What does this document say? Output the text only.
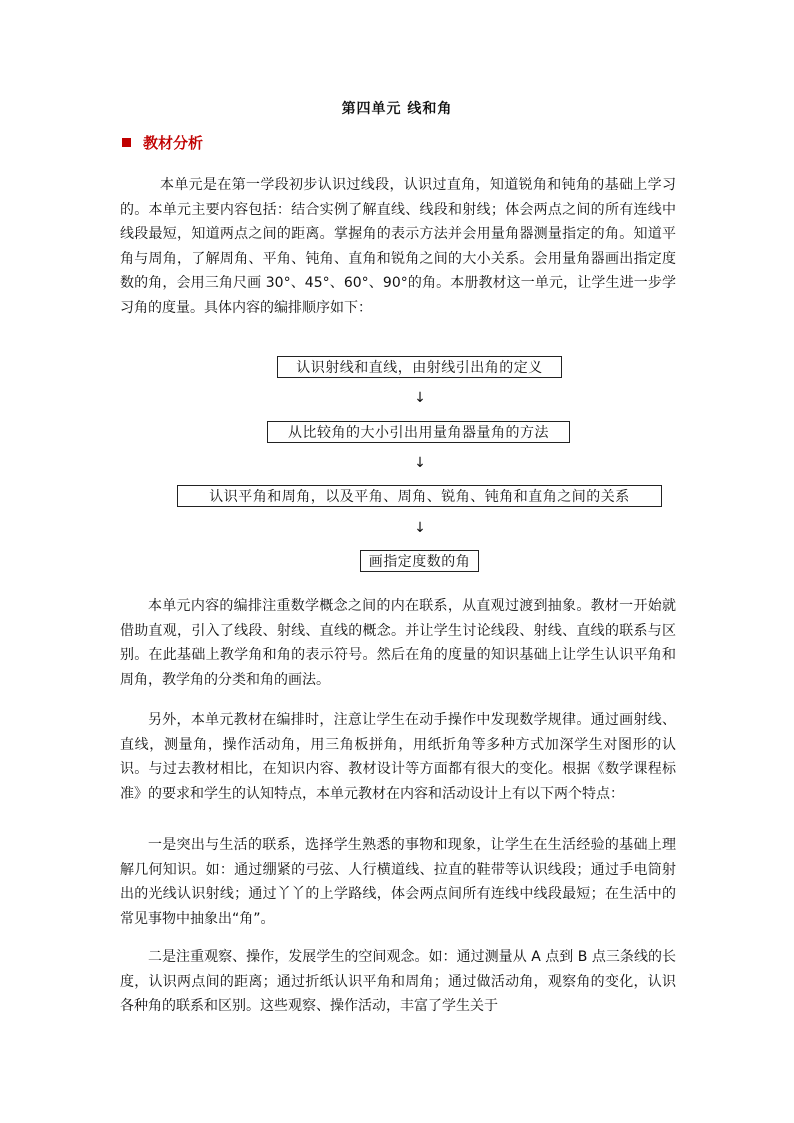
第四单元 线和角
教材分析

本单元是在第一学段初步认识过线段，认识过直角，知道锐角和钝角的基础上学习的。本单元主要内容包括：结合实例了解直线、线段和射线；体会两点之间的所有连线中线段最短，知道两点之间的距离。掌握角的表示方法并会用量角器测量指定的角。知道平角与周角，了解周角、平角、钝角、直角和锐角之间的大小关系。会用量角器画出指定度数的角，会用三角尺画 30°、45°、60°、90°的角。本册教材这一单元，让学生进一步学习角的度量。具体内容的编排顺序如下：

认识射线和直线，由射线引出角的定义
↓
从比较角的大小引出用量角器量角的方法
↓
认识平角和周角，以及平角、周角、锐角、钝角和直角之间的关系
↓
画指定度数的角

本单元内容的编排注重数学概念之间的内在联系，从直观过渡到抽象。教材一开始就借助直观，引入了线段、射线、直线的概念。并让学生讨论线段、射线、直线的联系与区别。在此基础上教学角和角的表示符号。然后在角的度量的知识基础上让学生认识平角和周角，教学角的分类和角的画法。

另外，本单元教材在编排时，注意让学生在动手操作中发现数学规律。通过画射线、直线，测量角，操作活动角，用三角板拼角，用纸折角等多种方式加深学生对图形的认识。与过去教材相比，在知识内容、教材设计等方面都有很大的变化。根据《数学课程标准》的要求和学生的认知特点，本单元教材在内容和活动设计上有以下两个特点：

一是突出与生活的联系，选择学生熟悉的事物和现象，让学生在生活经验的基础上理解几何知识。如：通过绷紧的弓弦、人行横道线、拉直的鞋带等认识线段；通过手电筒射出的光线认识射线；通过丫丫的上学路线，体会两点间所有连线中线段最短；在生活中的常见事物中抽象出“角”。

二是注重观察、操作，发展学生的空间观念。如：通过测量从 A 点到 B 点三条线的长度，认识两点间的距离；通过折纸认识平角和周角；通过做活动角，观察角的变化，认识各种角的联系和区别。这些观察、操作活动，丰富了学生关于
